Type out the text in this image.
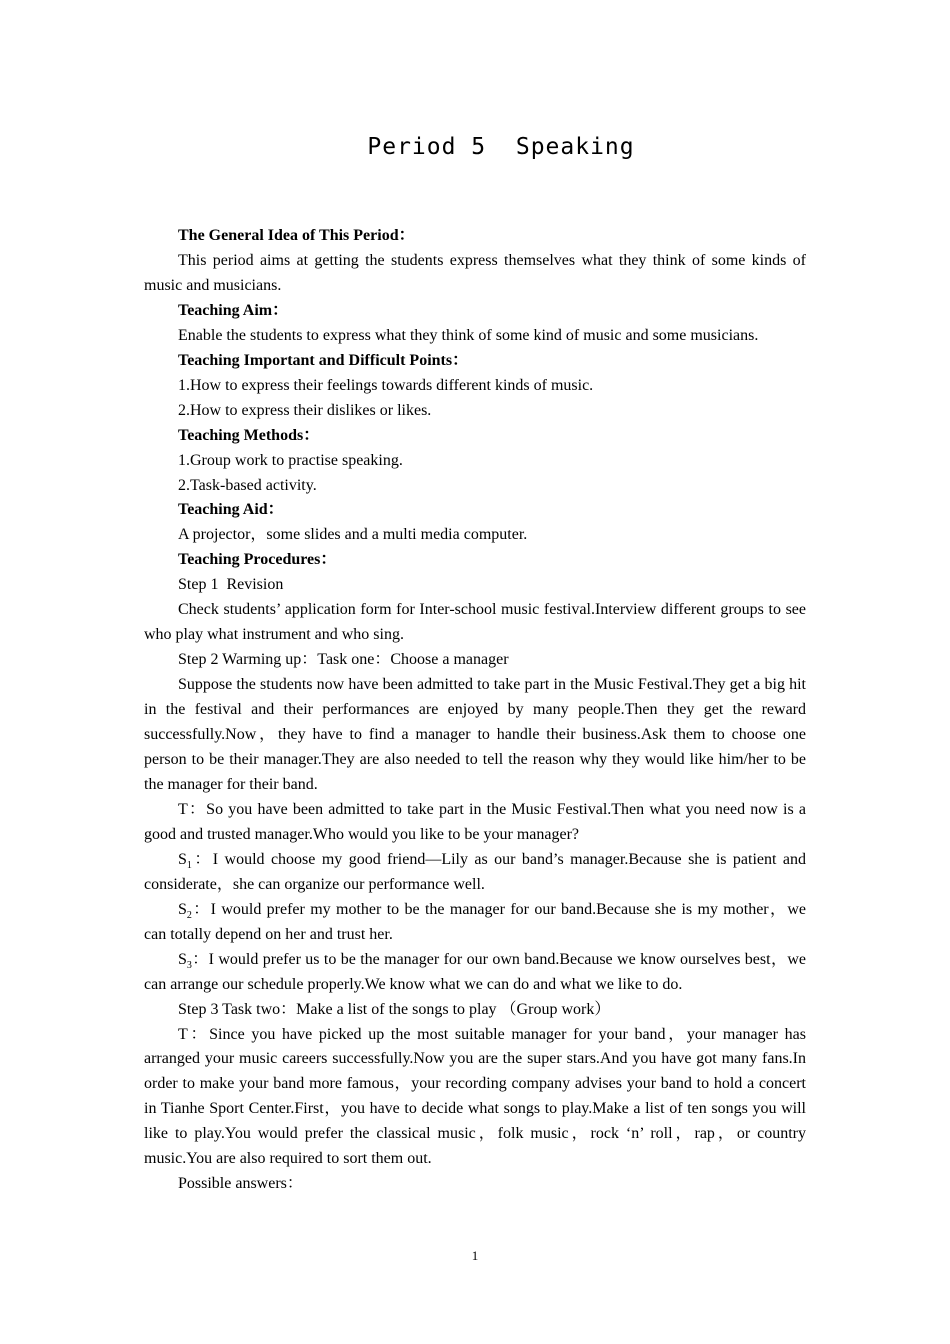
Period 5  Speaking

The General Idea of This Period：

This period aims at getting the students express themselves what they think of some kinds of music and musicians.

Teaching Aim：

Enable the students to express what they think of some kind of music and some musicians.

Teaching Important and Difficult Points：

1.How to express their feelings towards different kinds of music.

2.How to express their dislikes or likes.

Teaching Methods：

1.Group work to practise speaking.

2.Task-based activity.

Teaching Aid：

A projector，some slides and a multi media computer.

Teaching Procedures：

Step 1  Revision

Check students’ application form for Inter-school music festival.Interview different groups to see who play what instrument and who sing.

Step 2 Warming up：Task one：Choose a manager

Suppose the students now have been admitted to take part in the Music Festival.They get a big hit in the festival and their performances are enjoyed by many people.Then they get the reward successfully.Now，they have to find a manager to handle their business.Ask them to choose one person to be their manager.They are also needed to tell the reason why they would like him/her to be the manager for their band.

T：So you have been admitted to take part in the Music Festival.Then what you need now is a good and trusted manager.Who would you like to be your manager?

$S_1$：I would choose my good friend—Lily as our band’s manager.Because she is patient and considerate，she can organize our performance well.

$S_2$：I would prefer my mother to be the manager for our band.Because she is my mother，we can totally depend on her and trust her.

$S_3$：I would prefer us to be the manager for our own band.Because we know ourselves best，we can arrange our schedule properly.We know what we can do and what we like to do.

Step 3 Task two：Make a list of the songs to play （Group work）

T：Since you have picked up the most suitable manager for your band，your manager has arranged your music careers successfully.Now you are the super stars.And you have got many fans.In order to make your band more famous，your recording company advises your band to hold a concert in Tianhe Sport Center.First，you have to decide what songs to play.Make a list of ten songs you will like to play.You would prefer the classical music，folk music，rock ‘n’ roll，rap，or country music.You are also required to sort them out.

Possible answers：

1
